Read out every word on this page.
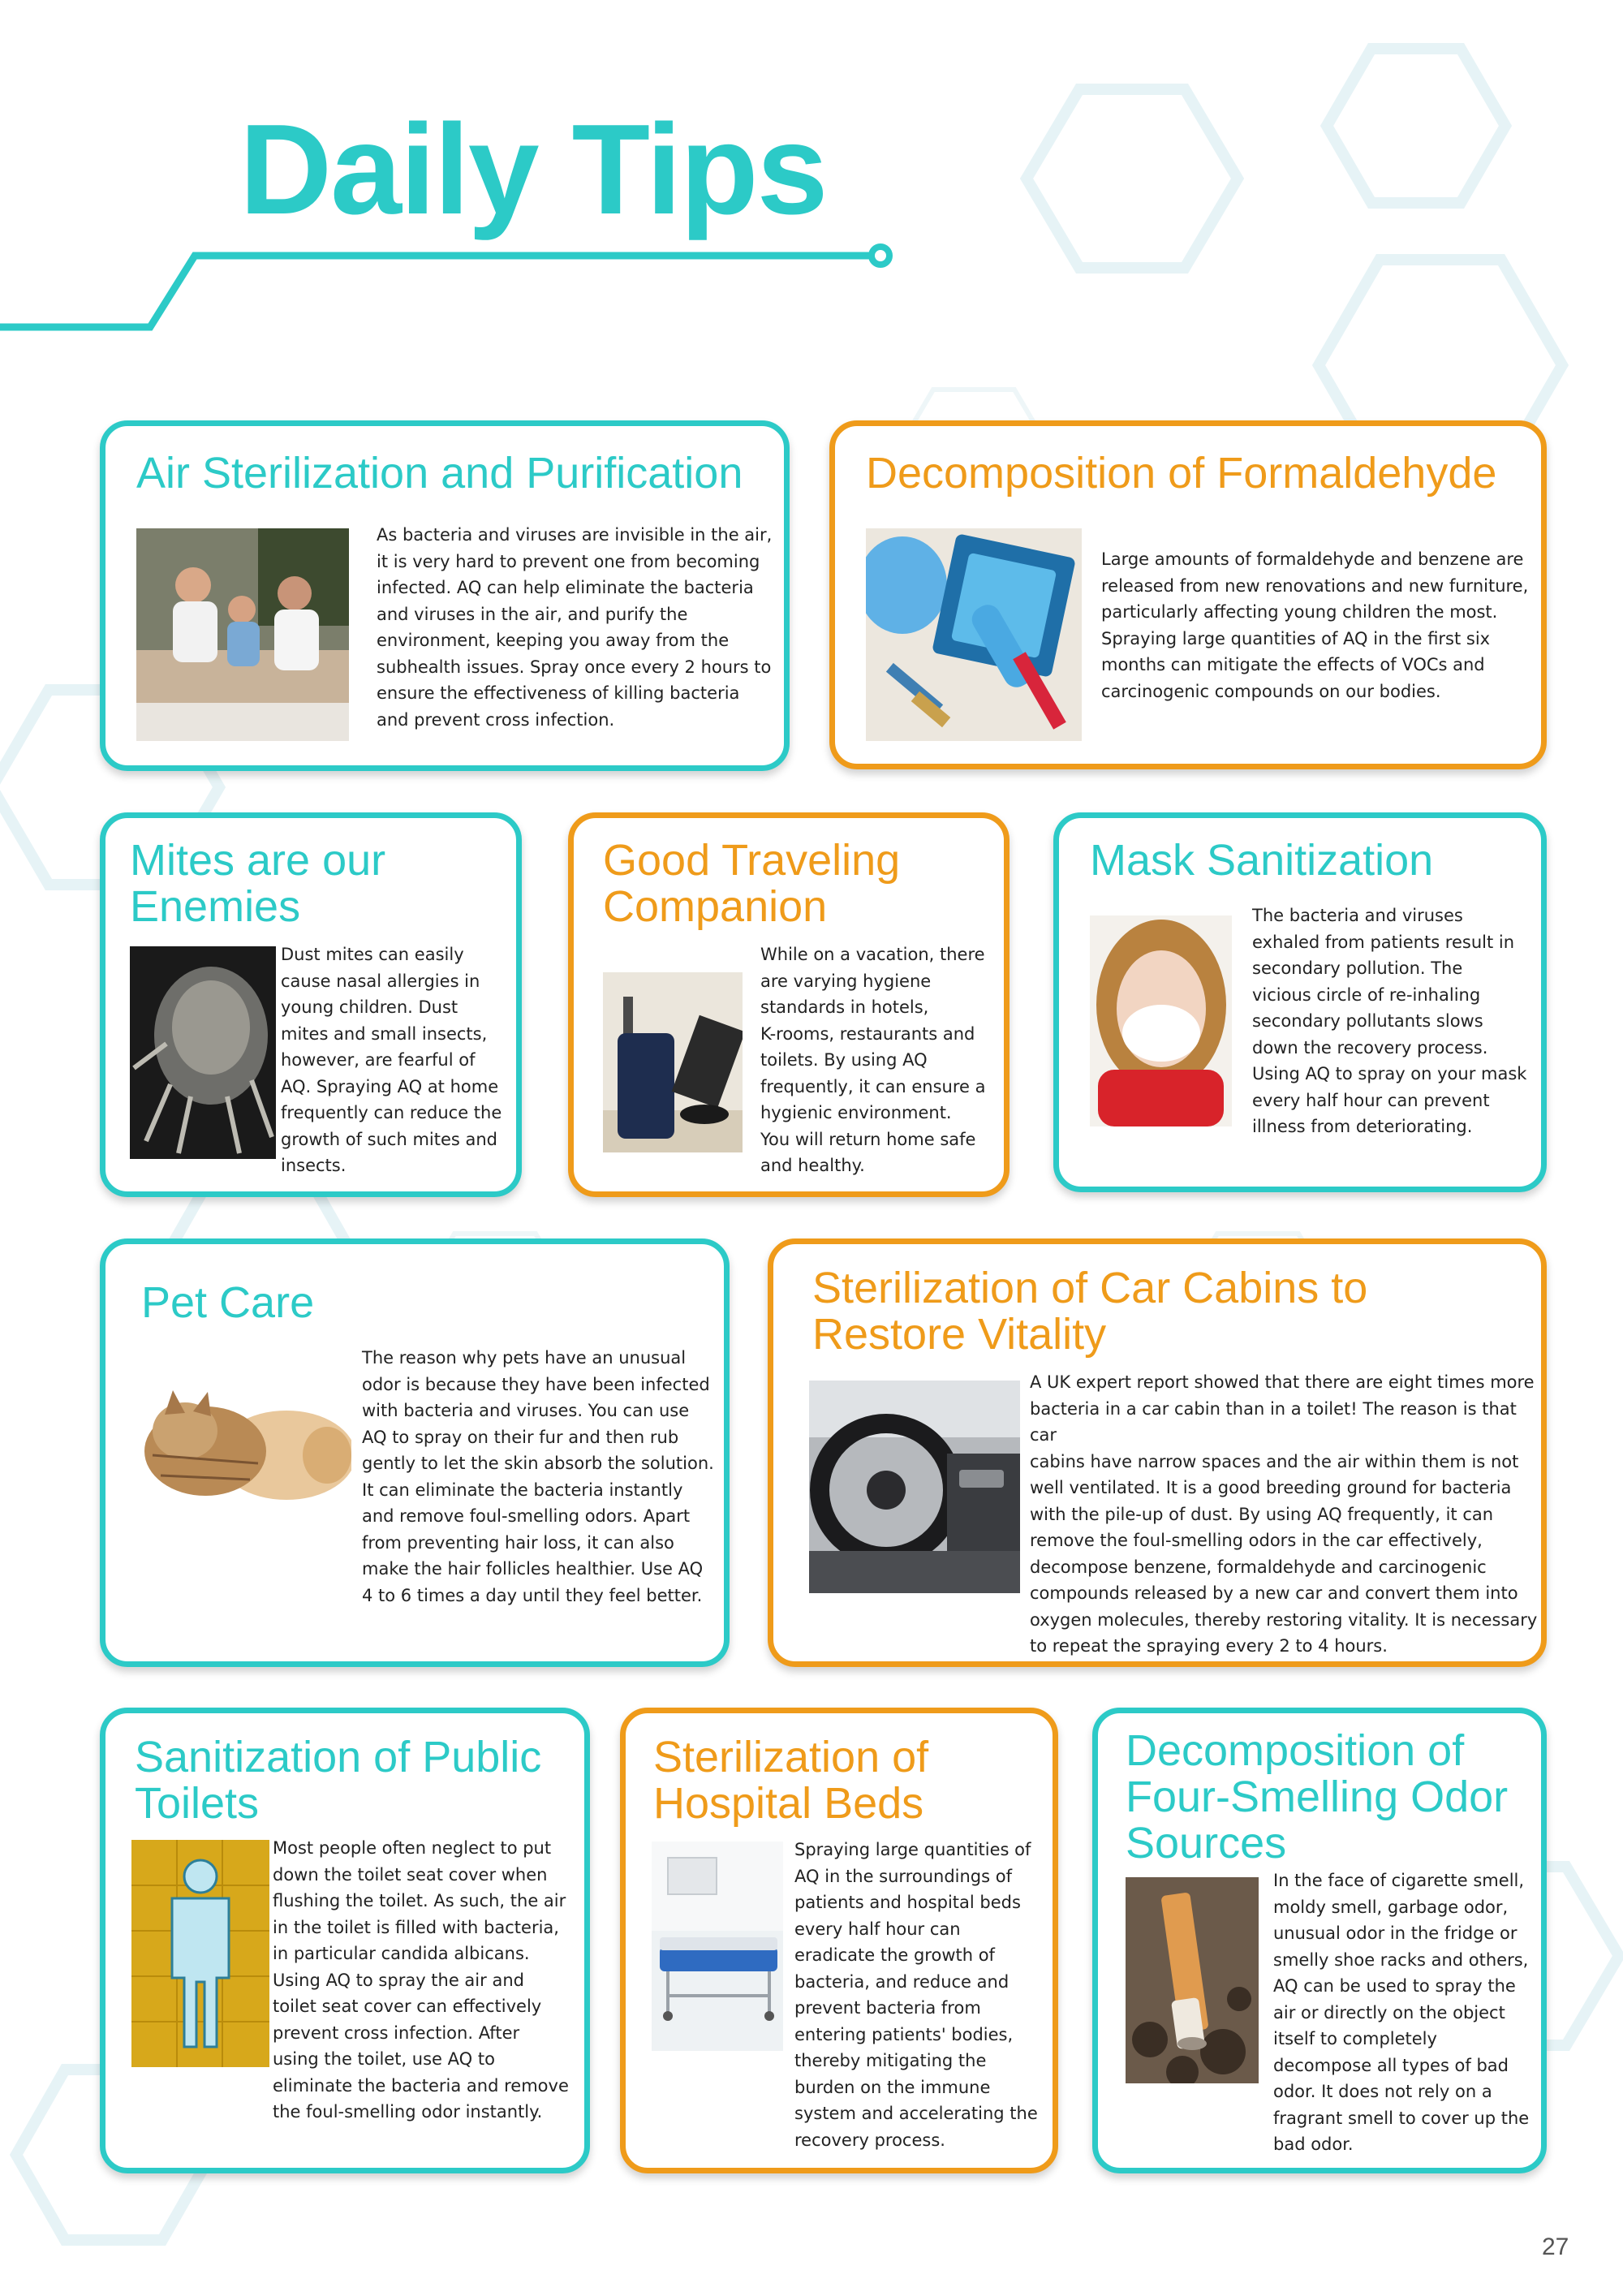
Daily Tips
Air Sterilization and Purification

As bacteria and viruses are invisible in the air,
it is very hard to prevent one from becoming
infected. AQ can help eliminate the bacteria
and viruses in the air, and purify the
environment, keeping you away from the
subhealth issues. Spray once every 2 hours to
ensure the effectiveness of killing bacteria
and prevent cross infection.

Decomposition of Formaldehyde

Large amounts of formaldehyde and benzene are
released from new renovations and new furniture,
particularly affecting young children the most.
Spraying large quantities of AQ in the first six
months can mitigate the effects of VOCs and
carcinogenic compounds on our bodies.

Mites are our
Enemies

Dust mites can easily
cause nasal allergies in
young children. Dust
mites and small insects,
however, are fearful of
AQ. Spraying AQ at home
frequently can reduce the
growth of such mites and
insects.

Good Traveling
Companion

While on a vacation, there
are varying hygiene
standards in hotels,
K-rooms, restaurants and
toilets. By using AQ
frequently, it can ensure a
hygienic environment.
You will return home safe
and healthy.

Mask Sanitization

The bacteria and viruses
exhaled from patients result in
secondary pollution. The
vicious circle of re-inhaling
secondary pollutants slows
down the recovery process.
Using AQ to spray on your mask
every half hour can prevent
illness from deteriorating.

Pet Care

The reason why pets have an unusual
odor is because they have been infected
with bacteria and viruses. You can use
AQ to spray on their fur and then rub
gently to let the skin absorb the solution.
It can eliminate the bacteria instantly
and remove foul-smelling odors. Apart
from preventing hair loss, it can also
make the hair follicles healthier. Use AQ
4 to 6 times a day until they feel better.

Sterilization of Car Cabins to
Restore Vitality

A UK expert report showed that there are eight times more
bacteria in a car cabin than in a toilet! The reason is that car
cabins have narrow spaces and the air within them is not
well ventilated. It is a good breeding ground for bacteria
with the pile-up of dust. By using AQ frequently, it can
remove the foul-smelling odors in the car effectively,
decompose benzene, formaldehyde and carcinogenic
compounds released by a new car and convert them into
oxygen molecules, thereby restoring vitality. It is necessary
to repeat the spraying every 2 to 4 hours.

Sanitization of Public
Toilets

Most people often neglect to put
down the toilet seat cover when
flushing the toilet. As such, the air
in the toilet is filled with bacteria,
in particular candida albicans.
Using AQ to spray the air and
toilet seat cover can effectively
prevent cross infection. After
using the toilet, use AQ to
eliminate the bacteria and remove
the foul-smelling odor instantly.

Sterilization of
Hospital Beds

Spraying large quantities of
AQ in the surroundings of
patients and hospital beds
every half hour can
eradicate the growth of
bacteria, and reduce and
prevent bacteria from
entering patients' bodies,
thereby mitigating the
burden on the immune
system and accelerating the
recovery process.

Decomposition of
Four-Smelling Odor
Sources

In the face of cigarette smell,
moldy smell, garbage odor,
unusual odor in the fridge or
smelly shoe racks and others,
AQ can be used to spray the
air or directly on the object
itself to completely
decompose all types of bad
odor. It does not rely on a
fragrant smell to cover up the
bad odor.

27
